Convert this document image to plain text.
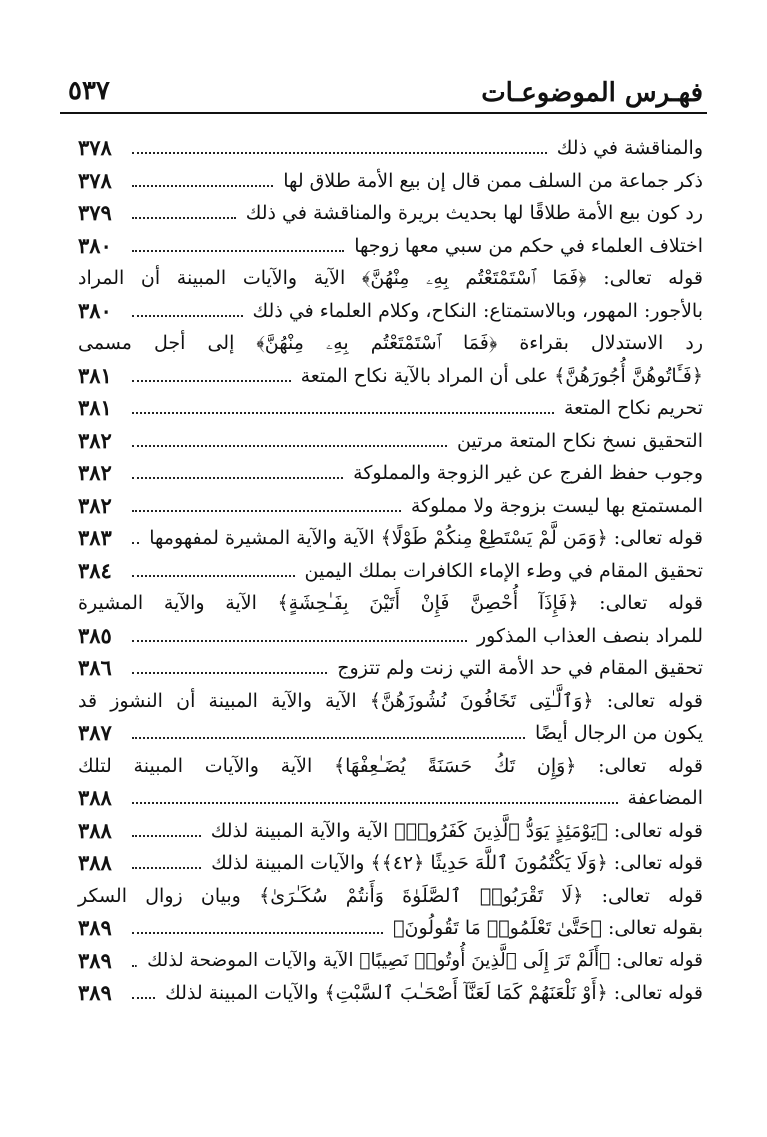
فهـرس الموضوعـات
٥٣٧
والمناقشة في ذلك
٣٧٨
ذكر جماعة من السلف ممن قال إن بيع الأمة طلاق لها
٣٧٨
رد كون بيع الأمة طلاقًا لها بحديث بريرة والمناقشة في ذلك
٣٧٩
اختلاف العلماء في حكم من سبي معها زوجها
٣٨٠
قوله تعالى: ﴿فَمَا ٱسْتَمْتَعْتُم بِهِۦ مِنْهُنَّ﴾ الآية والآيات المبينة أن المراد
بالأجور: المهور، وبالاستمتاع: النكاح، وكلام العلماء في ذلك
٣٨٠
رد الاستدلال بقراءة ﴿فَمَا ٱسْتَمْتَعْتُم بِهِۦ مِنْهُنَّ﴾ إلى أجل مسمى
﴿فَـَٔاتُوهُنَّ أُجُورَهُنَّ﴾ على أن المراد بالآية نكاح المتعة
٣٨١
تحريم نكاح المتعة
٣٨١
التحقيق نسخ نكاح المتعة مرتين
٣٨٢
وجوب حفظ الفرج عن غير الزوجة والمملوكة
٣٨٢
المستمتع بها ليست بزوجة ولا مملوكة
٣٨٢
قوله تعالى: ﴿وَمَن لَّمْ يَسْتَطِعْ مِنكُمْ طَوْلًا﴾ الآية والآية المشيرة لمفهومها
٣٨٣
تحقيق المقام في وطء الإماء الكافرات بملك اليمين
٣٨٤
قوله تعالى: ﴿فَإِذَآ أُحْصِنَّ فَإِنْ أَتَيْنَ بِفَـٰحِشَةٍ﴾ الآية والآية المشيرة
للمراد بنصف العذاب المذكور
٣٨٥
تحقيق المقام في حد الأمة التي زنت ولم تتزوج
٣٨٦
قوله تعالى: ﴿وَٱلَّـٰتِى تَخَافُونَ نُشُوزَهُنَّ﴾ الآية والآية المبينة أن النشوز قد
يكون من الرجال أيضًا
٣٨٧
قوله تعالى: ﴿وَإِن تَكُ حَسَنَةً يُضَـٰعِفْهَا﴾ الآية والآيات المبينة لتلك
المضاعفة
٣٨٨
قوله تعالى: ﴿يَوْمَئِذٍ يَوَدُّ ٱلَّذِينَ كَفَرُوا۟﴾ الآية والآية المبينة لذلك
٣٨٨
قوله تعالى: ﴿وَلَا يَكْتُمُونَ ٱللَّهَ حَدِيثًا ﴿٤٢﴾﴾ والآيات المبينة لذلك
٣٨٨
قوله تعالى: ﴿لَا تَقْرَبُوا۟ ٱلصَّلَوٰةَ وَأَنتُمْ سُكَـٰرَىٰ﴾ وبيان زوال السكر
بقوله تعالى: ﴿حَتَّىٰ تَعْلَمُوا۟ مَا تَقُولُونَ﴾
٣٨٩
قوله تعالى: ﴿أَلَمْ تَرَ إِلَى ٱلَّذِينَ أُوتُوا۟ نَصِيبًا﴾ الآية والآيات الموضحة لذلك
٣٨٩
قوله تعالى: ﴿أَوْ نَلْعَنَهُمْ كَمَا لَعَنَّآ أَصْحَـٰبَ ٱلسَّبْتِ﴾ والآيات المبينة لذلك
٣٨٩
